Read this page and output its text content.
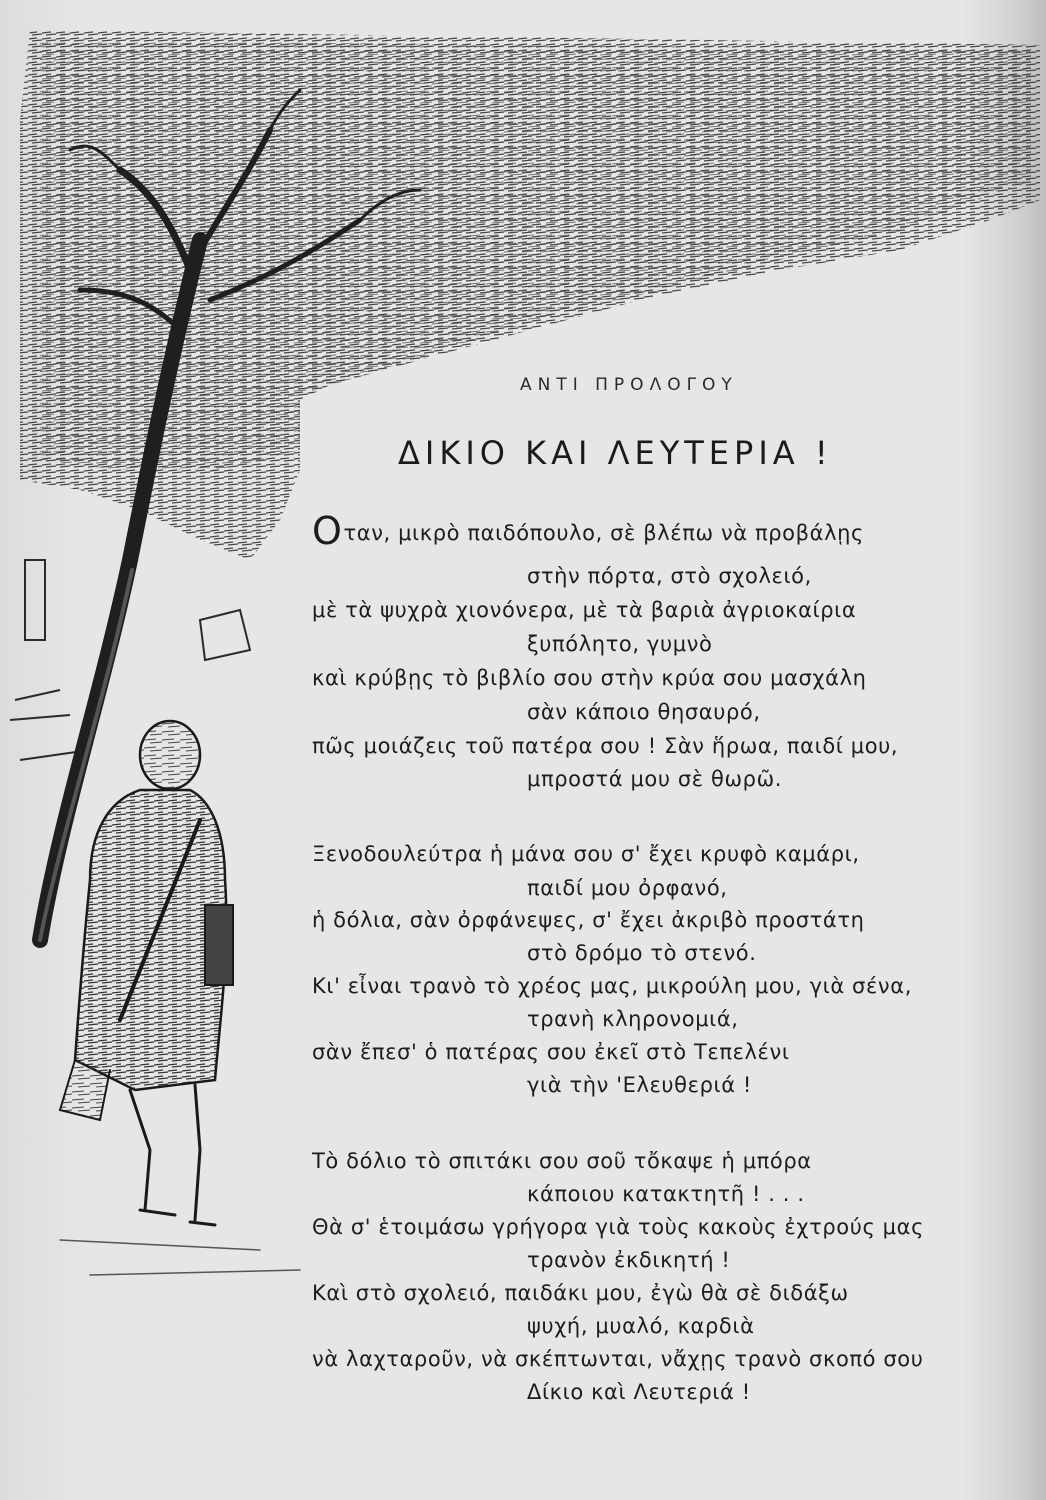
ΑΝΤΙ ΠΡΟΛΟΓΟΥ
ΔΙΚΙΟ ΚΑΙ ΛΕΥΤΕΡΙΑ !
Οταν, μικρὸ παιδόπουλο, σὲ βλέπω νὰ προβάλῃς
στὴν πόρτα, στὸ σχολειό,
μὲ τὰ ψυχρὰ χιονόνερα, μὲ τὰ βαριὰ ἀγριοκαίρια
ξυπόλητο, γυμνὸ
καὶ κρύβῃς τὸ βιβλίο σου στὴν κρύα σου μασχάλη
σὰν κάποιο θησαυρό,
πῶς μοιάζεις τοῦ πατέρα σου ! Σὰν ἥρωα, παιδί μου,
μπροστά μου σὲ θωρῶ.
Ξενοδουλεύτρα ἡ μάνα σου σ' ἔχει κρυφὸ καμάρι,
παιδί μου ὀρφανό,
ἡ δόλια, σὰν ὀρφάνεψες, σ' ἔχει ἀκριβὸ προστάτη
στὸ δρόμο τὸ στενό.
Κι' εἶναι τρανὸ τὸ χρέος μας, μικρούλη μου, γιὰ σένα,
τρανὴ κληρονομιά,
σὰν ἔπεσ' ὁ πατέρας σου ἐκεῖ στὸ Τεπελένι
γιὰ τὴν 'Ελευθεριά !
Τὸ δόλιο τὸ σπιτάκι σου σοῦ τὄκαψε ἡ μπόρα
κάποιου κατακτητῆ ! . . .
Θὰ σ' ἑτοιμάσω γρήγορα γιὰ τοὺς κακοὺς ἐχτρούς μας
τρανὸν ἐκδικητή !
Καὶ στὸ σχολειό, παιδάκι μου, ἐγὼ θὰ σὲ διδάξω
ψυχή, μυαλό, καρδιὰ
νὰ λαχταροῦν, νὰ σκέπτωνται, νἄχῃς τρανὸ σκοπό σου
Δίκιο καὶ Λευτεριά !
